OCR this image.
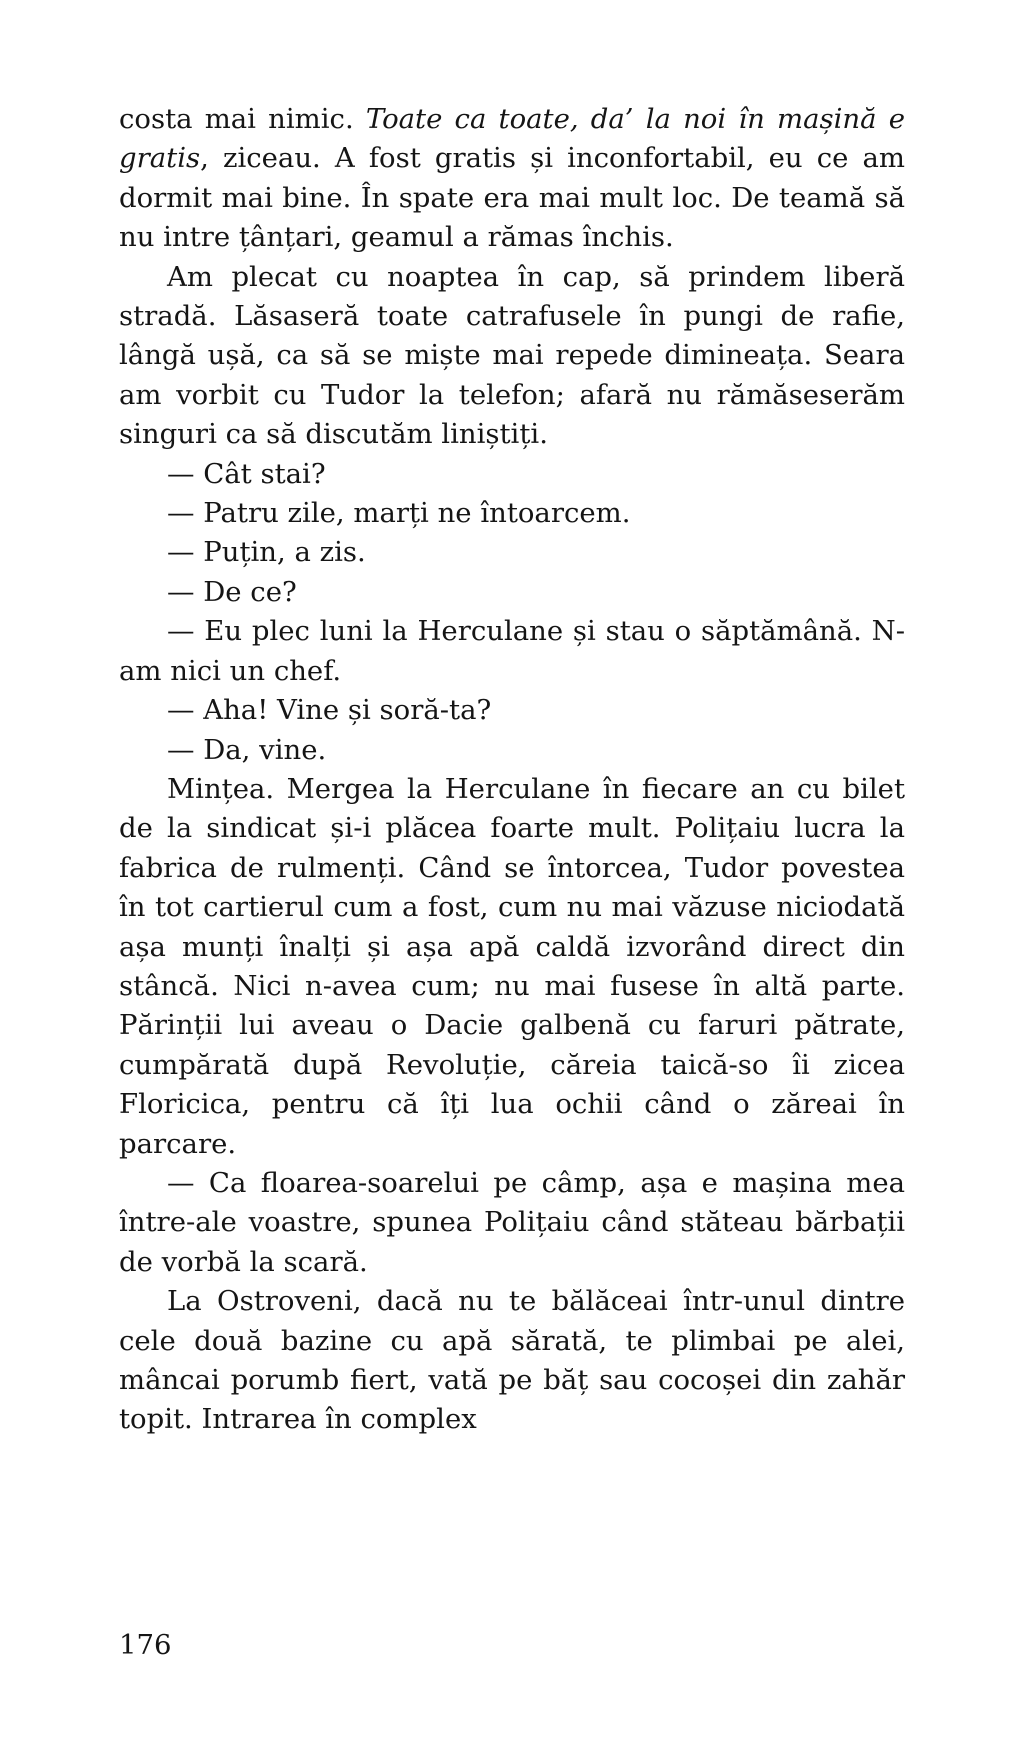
costa mai nimic. Toate ca toate, da’ la noi în mașină e gratis, ziceau. A fost gratis și inconfortabil, eu ce am dormit mai bine. În spate era mai mult loc. De teamă să nu intre țânțari, geamul a rămas închis.

Am plecat cu noaptea în cap, să prindem liberă stradă. Lăsaseră toate catrafusele în pungi de rafie, lângă ușă, ca să se miște mai repede dimineața. Seara am vorbit cu Tudor la telefon; afară nu rămăseserăm singuri ca să discutăm liniștiți.

— Cât stai?

— Patru zile, marți ne întoarcem.

— Puțin, a zis.

— De ce?

— Eu plec luni la Herculane și stau o săptămână. N-am nici un chef.

— Aha! Vine și soră-ta?

— Da, vine.

Mințea. Mergea la Herculane în fiecare an cu bilet de la sindicat și-i plăcea foarte mult. Polițaiu lucra la fabrica de rulmenți. Când se întorcea, Tudor povestea în tot cartierul cum a fost, cum nu mai văzuse niciodată așa munți înalți și așa apă caldă izvorând direct din stâncă. Nici n-avea cum; nu mai fusese în altă parte. Părinții lui aveau o Dacie galbenă cu faruri pătrate, cumpărată după Revoluție, căreia taică-so îi zicea Floricica, pentru că îți lua ochii când o zăreai în parcare.

— Ca floarea-soarelui pe câmp, așa e mașina mea între-ale voastre, spunea Polițaiu când stăteau bărbații de vorbă la scară.

La Ostroveni, dacă nu te bălăceai într-unul dintre cele două bazine cu apă sărată, te plimbai pe alei, mâncai porumb fiert, vată pe băț sau cocoșei din zahăr topit. Intrarea în complex

176
